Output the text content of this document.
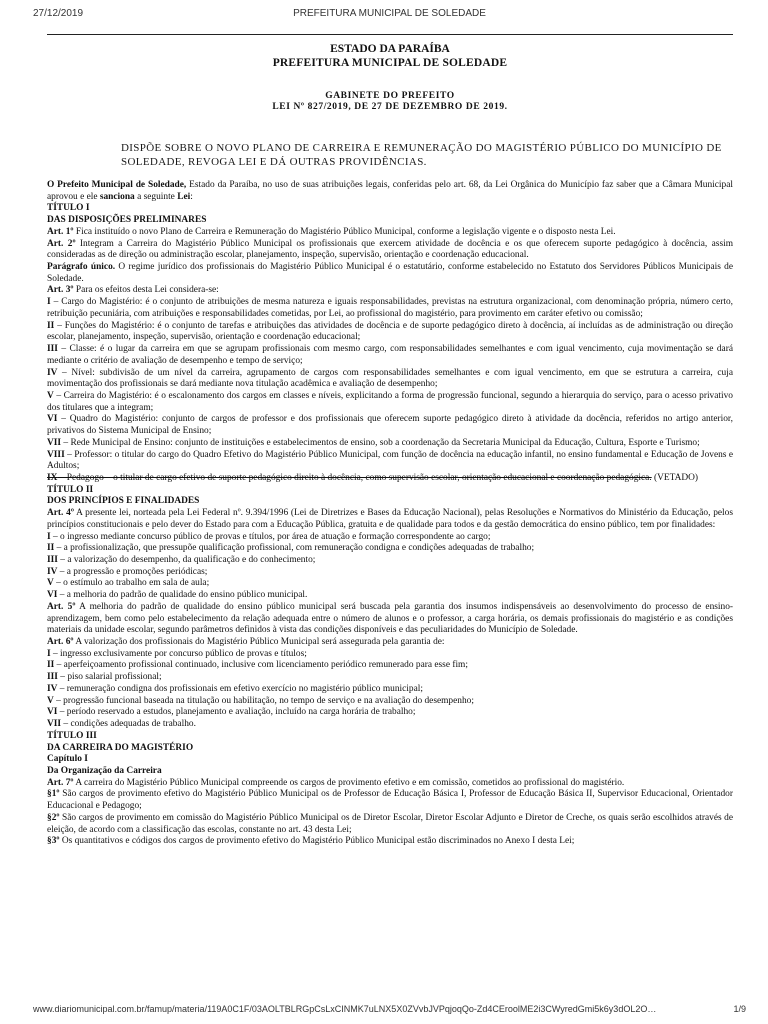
27/12/2019	PREFEITURA MUNICIPAL DE SOLEDADE
ESTADO DA PARAÍBA
PREFEITURA MUNICIPAL DE SOLEDADE
GABINETE DO PREFEITO
LEI Nº 827/2019, DE 27 DE DEZEMBRO DE 2019.
DISPÕE SOBRE O NOVO PLANO DE CARREIRA E REMUNERAÇÃO DO MAGISTÉRIO PÚBLICO DO MUNICÍPIO DE SOLEDADE, REVOGA LEI E DÁ OUTRAS PROVIDÊNCIAS.

O Prefeito Municipal de Soledade, Estado da Paraíba, no uso de suas atribuições legais, conferidas pelo art. 68, da Lei Orgânica do Município faz saber que a Câmara Municipal aprovou e ele sanciona a seguinte Lei:

TÍTULO I

DAS DISPOSIÇÕES PRELIMINARES

Art. 1º Fica instituído o novo Plano de Carreira e Remuneração do Magistério Público Municipal, conforme a legislação vigente e o disposto nesta Lei.

Art. 2º Integram a Carreira do Magistério Público Municipal os profissionais que exercem atividade de docência e os que oferecem suporte pedagógico à docência, assim consideradas as de direção ou administração escolar, planejamento, inspeção, supervisão, orientação e coordenação educacional.

Parágrafo único. O regime jurídico dos profissionais do Magistério Público Municipal é o estatutário, conforme estabelecido no Estatuto dos Servidores Públicos Municipais de Soledade.

Art. 3º Para os efeitos desta Lei considera-se:

I – Cargo do Magistério: é o conjunto de atribuições de mesma natureza e iguais responsabilidades, previstas na estrutura organizacional, com denominação própria, número certo, retribuição pecuniária, com atribuições e responsabilidades cometidas, por Lei, ao profissional do magistério, para provimento em caráter efetivo ou comissão;

II – Funções do Magistério: é o conjunto de tarefas e atribuições das atividades de docência e de suporte pedagógico direto à docência, aí incluídas as de administração ou direção escolar, planejamento, inspeção, supervisão, orientação e coordenação educacional;

III – Classe: é o lugar da carreira em que se agrupam profissionais com mesmo cargo, com responsabilidades semelhantes e com igual vencimento, cuja movimentação se dará mediante o critério de avaliação de desempenho e tempo de serviço;

IV – Nível: subdivisão de um nível da carreira, agrupamento de cargos com responsabilidades semelhantes e com igual vencimento, em que se estrutura a carreira, cuja movimentação dos profissionais se dará mediante nova titulação acadêmica e avaliação de desempenho;

V – Carreira do Magistério: é o escalonamento dos cargos em classes e níveis, explicitando a forma de progressão funcional, segundo a hierarquia do serviço, para o acesso privativo dos titulares que a integram;

VI – Quadro do Magistério: conjunto de cargos de professor e dos profissionais que oferecem suporte pedagógico direto à atividade da docência, referidos no artigo anterior, privativos do Sistema Municipal de Ensino;

VII – Rede Municipal de Ensino: conjunto de instituições e estabelecimentos de ensino, sob a coordenação da Secretaria Municipal da Educação, Cultura, Esporte e Turismo;

VIII – Professor: o titular do cargo do Quadro Efetivo do Magistério Público Municipal, com função de docência na educação infantil, no ensino fundamental e Educação de Jovens e Adultos;

IX – Pedagogo – o titular de cargo efetivo de suporte pedagógico direito à docência, como supervisão escolar, orientação educacional e coordenação pedagógica. (VETADO)

TÍTULO II

DOS PRINCÍPIOS E FINALIDADES

Art. 4º A presente lei, norteada pela Lei Federal nº. 9.394/1996 (Lei de Diretrizes e Bases da Educação Nacional), pelas Resoluções e Normativos do Ministério da Educação, pelos princípios constitucionais e pelo dever do Estado para com a Educação Pública, gratuita e de qualidade para todos e da gestão democrática do ensino público, tem por finalidades:

I – o ingresso mediante concurso público de provas e títulos, por área de atuação e formação correspondente ao cargo;

II – a profissionalização, que pressupõe qualificação profissional, com remuneração condigna e condições adequadas de trabalho;

III – a valorização do desempenho, da qualificação e do conhecimento;

IV – a progressão e promoções periódicas;

V – o estímulo ao trabalho em sala de aula;

VI – a melhoria do padrão de qualidade do ensino público municipal.

Art. 5º A melhoria do padrão de qualidade do ensino público municipal será buscada pela garantia dos insumos indispensáveis ao desenvolvimento do processo de ensino-aprendizagem, bem como pelo estabelecimento da relação adequada entre o número de alunos e o professor, a carga horária, os demais profissionais do magistério e as condições materiais da unidade escolar, segundo parâmetros definidos à vista das condições disponíveis e das peculiaridades do Município de Soledade.

Art. 6º A valorização dos profissionais do Magistério Público Municipal será assegurada pela garantia de:

I – ingresso exclusivamente por concurso público de provas e títulos;

II – aperfeiçoamento profissional continuado, inclusive com licenciamento periódico remunerado para esse fim;

III – piso salarial profissional;

IV – remuneração condigna dos profissionais em efetivo exercício no magistério público municipal;

V – progressão funcional baseada na titulação ou habilitação, no tempo de serviço e na avaliação do desempenho;

VI – período reservado a estudos, planejamento e avaliação, incluído na carga horária de trabalho;

VII – condições adequadas de trabalho.

TÍTULO III

DA CARREIRA DO MAGISTÉRIO

Capítulo I

Da Organização da Carreira

Art. 7º A carreira do Magistério Público Municipal compreende os cargos de provimento efetivo e em comissão, cometidos ao profissional do magistério.

§1º São cargos de provimento efetivo do Magistério Público Municipal os de Professor de Educação Básica I, Professor de Educação Básica II, Supervisor Educacional, Orientador Educacional e Pedagogo;

§2º São cargos de provimento em comissão do Magistério Público Municipal os de Diretor Escolar, Diretor Escolar Adjunto e Diretor de Creche, os quais serão escolhidos através de eleição, de acordo com a classificação das escolas, constante no art. 43 desta Lei;

§3º Os quantitativos e códigos dos cargos de provimento efetivo do Magistério Público Municipal estão discriminados no Anexo I desta Lei;

www.diariomunicipal.com.br/famup/materia/119A0C1F/03AOLTBLRGpCsLxCINMK7uLNX5X0ZVvbJVPqjoqQo-Zd4CEroolME2i3CWyredGmi5k6y3dOL2O…	1/9
